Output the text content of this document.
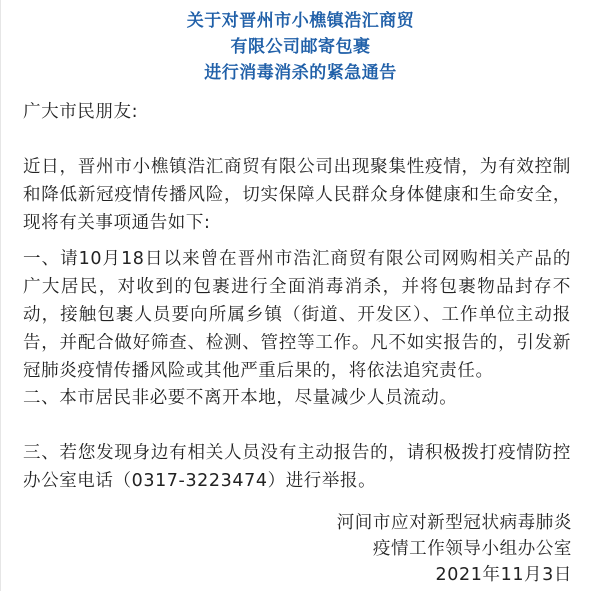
关于对晋州市小樵镇浩汇商贸
有限公司邮寄包裹
进行消毒消杀的紧急通告

广大市民朋友:

近日，晋州市小樵镇浩汇商贸有限公司出现聚集性疫情，为有效控制和降低新冠疫情传播风险，切实保障人民群众身体健康和生命安全，现将有关事项通告如下:

一、请10月18日以来曾在晋州市浩汇商贸有限公司网购相关产品的广大居民，对收到的包裹进行全面消毒消杀，并将包裹物品封存不动，接触包裹人员要向所属乡镇（街道、开发区）、工作单位主动报告，并配合做好筛查、检测、管控等工作。凡不如实报告的，引发新冠肺炎疫情传播风险或其他严重后果的，将依法追究责任。

二、本市居民非必要不离开本地，尽量减少人员流动。

三、若您发现身边有相关人员没有主动报告的，请积极拨打疫情防控办公室电话（0317-3223474）进行举报。

河间市应对新型冠状病毒肺炎
疫情工作领导小组办公室
2021年11月3日
